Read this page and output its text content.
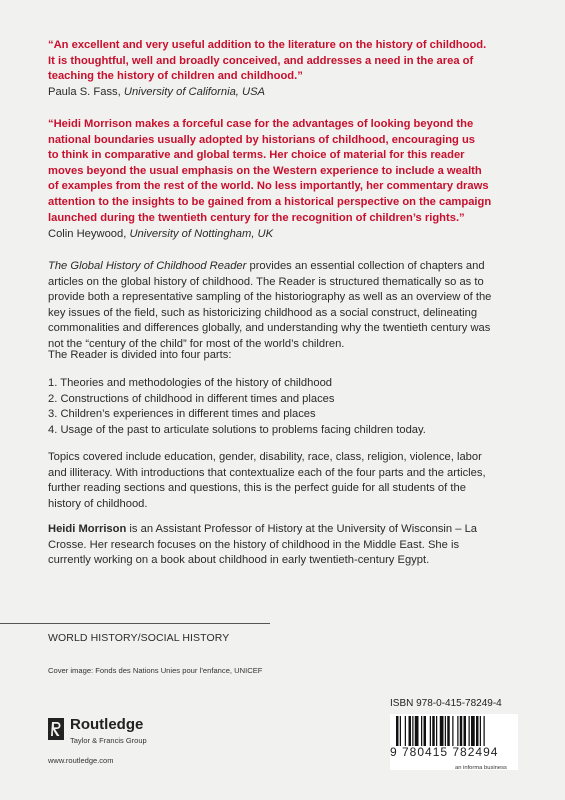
“An excellent and very useful addition to the literature on the history of childhood.
It is thoughtful, well and broadly conceived, and addresses a need in the area of
teaching the history of children and childhood.”
Paula S. Fass, University of California, USA
“Heidi Morrison makes a forceful case for the advantages of looking beyond the
national boundaries usually adopted by historians of childhood, encouraging us
to think in comparative and global terms. Her choice of material for this reader
moves beyond the usual emphasis on the Western experience to include a wealth
of examples from the rest of the world. No less importantly, her commentary draws
attention to the insights to be gained from a historical perspective on the campaign
launched during the twentieth century for the recognition of children’s rights.”
Colin Heywood, University of Nottingham, UK
The Global History of Childhood Reader provides an essential collection of chapters and
articles on the global history of childhood. The Reader is structured thematically so as to
provide both a representative sampling of the historiography as well as an overview of the
key issues of the field, such as historicizing childhood as a social construct, delineating
commonalities and differences globally, and understanding why the twentieth century was
not the “century of the child” for most of the world’s children.
The Reader is divided into four parts:
1. Theories and methodologies of the history of childhood
2. Constructions of childhood in different times and places
3. Children’s experiences in different times and places
4. Usage of the past to articulate solutions to problems facing children today.
Topics covered include education, gender, disability, race, class, religion, violence, labor
and illiteracy. With introductions that contextualize each of the four parts and the articles,
further reading sections and questions, this is the perfect guide for all students of the
history of childhood.
Heidi Morrison is an Assistant Professor of History at the University of Wisconsin – La
Crosse. Her research focuses on the history of childhood in the Middle East. She is
currently working on a book about childhood in early twentieth-century Egypt.
WORLD HISTORY/SOCIAL HISTORY
Cover image: Fonds des Nations Unies pour l’enfance, UNICEF
Routledge
Taylor & Francis Group
www.routledge.com
ISBN 978-0-415-78249-4
9 780415 782494
an informa business
